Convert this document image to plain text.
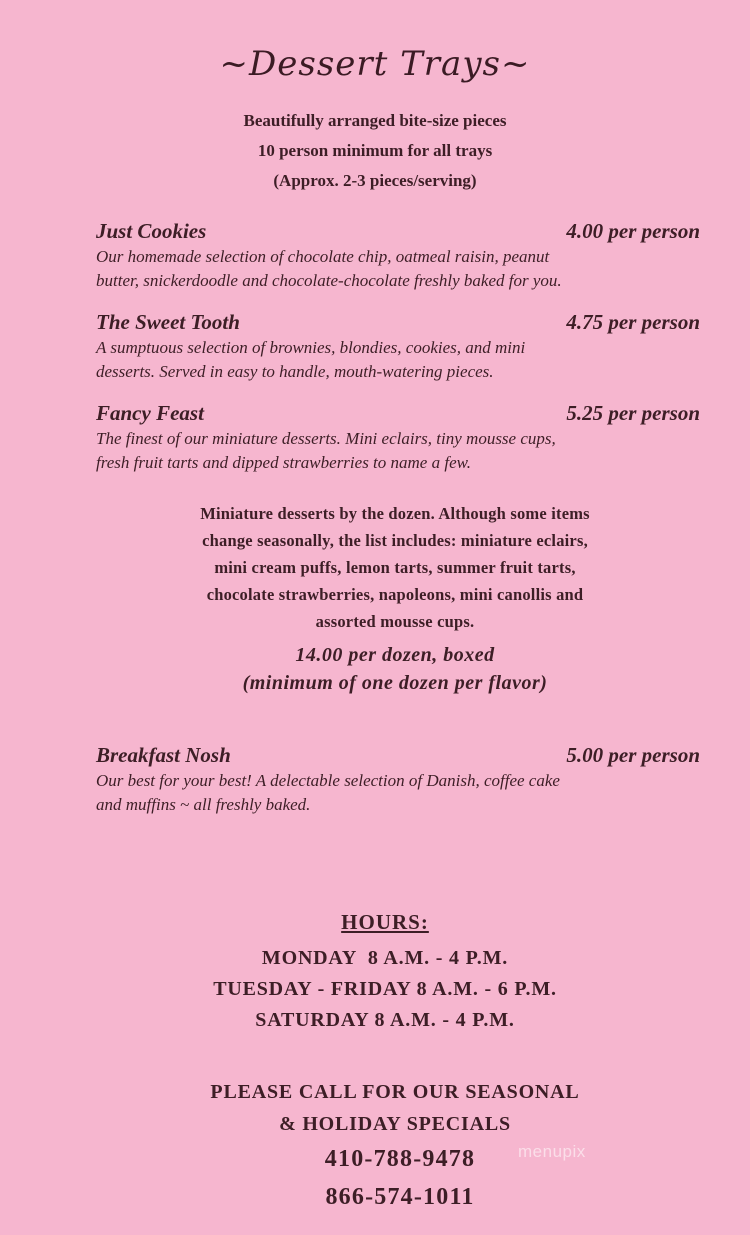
~Dessert Trays~
Beautifully arranged bite-size pieces
10 person minimum for all trays
(Approx. 2-3 pieces/serving)
Just Cookies	4.00 per person
Our homemade selection of chocolate chip, oatmeal raisin, peanut
butter, snickerdoodle and chocolate-chocolate freshly baked for you.
The Sweet Tooth	4.75 per person
A sumptuous selection of brownies, blondies, cookies, and mini
desserts. Served in easy to handle, mouth-watering pieces.
Fancy Feast	5.25 per person
The finest of our miniature desserts. Mini eclairs, tiny mousse cups,
fresh fruit tarts and dipped strawberries to name a few.
Miniature desserts by the dozen. Although some items
change seasonally, the list includes: miniature eclairs,
mini cream puffs, lemon tarts, summer fruit tarts,
chocolate strawberries, napoleons, mini canollis and
assorted mousse cups.
14.00 per dozen, boxed
(minimum of one dozen per flavor)
Breakfast Nosh	5.00 per person
Our best for your best! A delectable selection of Danish, coffee cake
and muffins ~ all freshly baked.
HOURS:
MONDAY  8 A.M. - 4 P.M.
TUESDAY - FRIDAY 8 A.M. - 6 P.M.
SATURDAY 8 A.M. - 4 P.M.
PLEASE CALL FOR OUR SEASONAL
& HOLIDAY SPECIALS
410-788-9478
866-574-1011
menupix
